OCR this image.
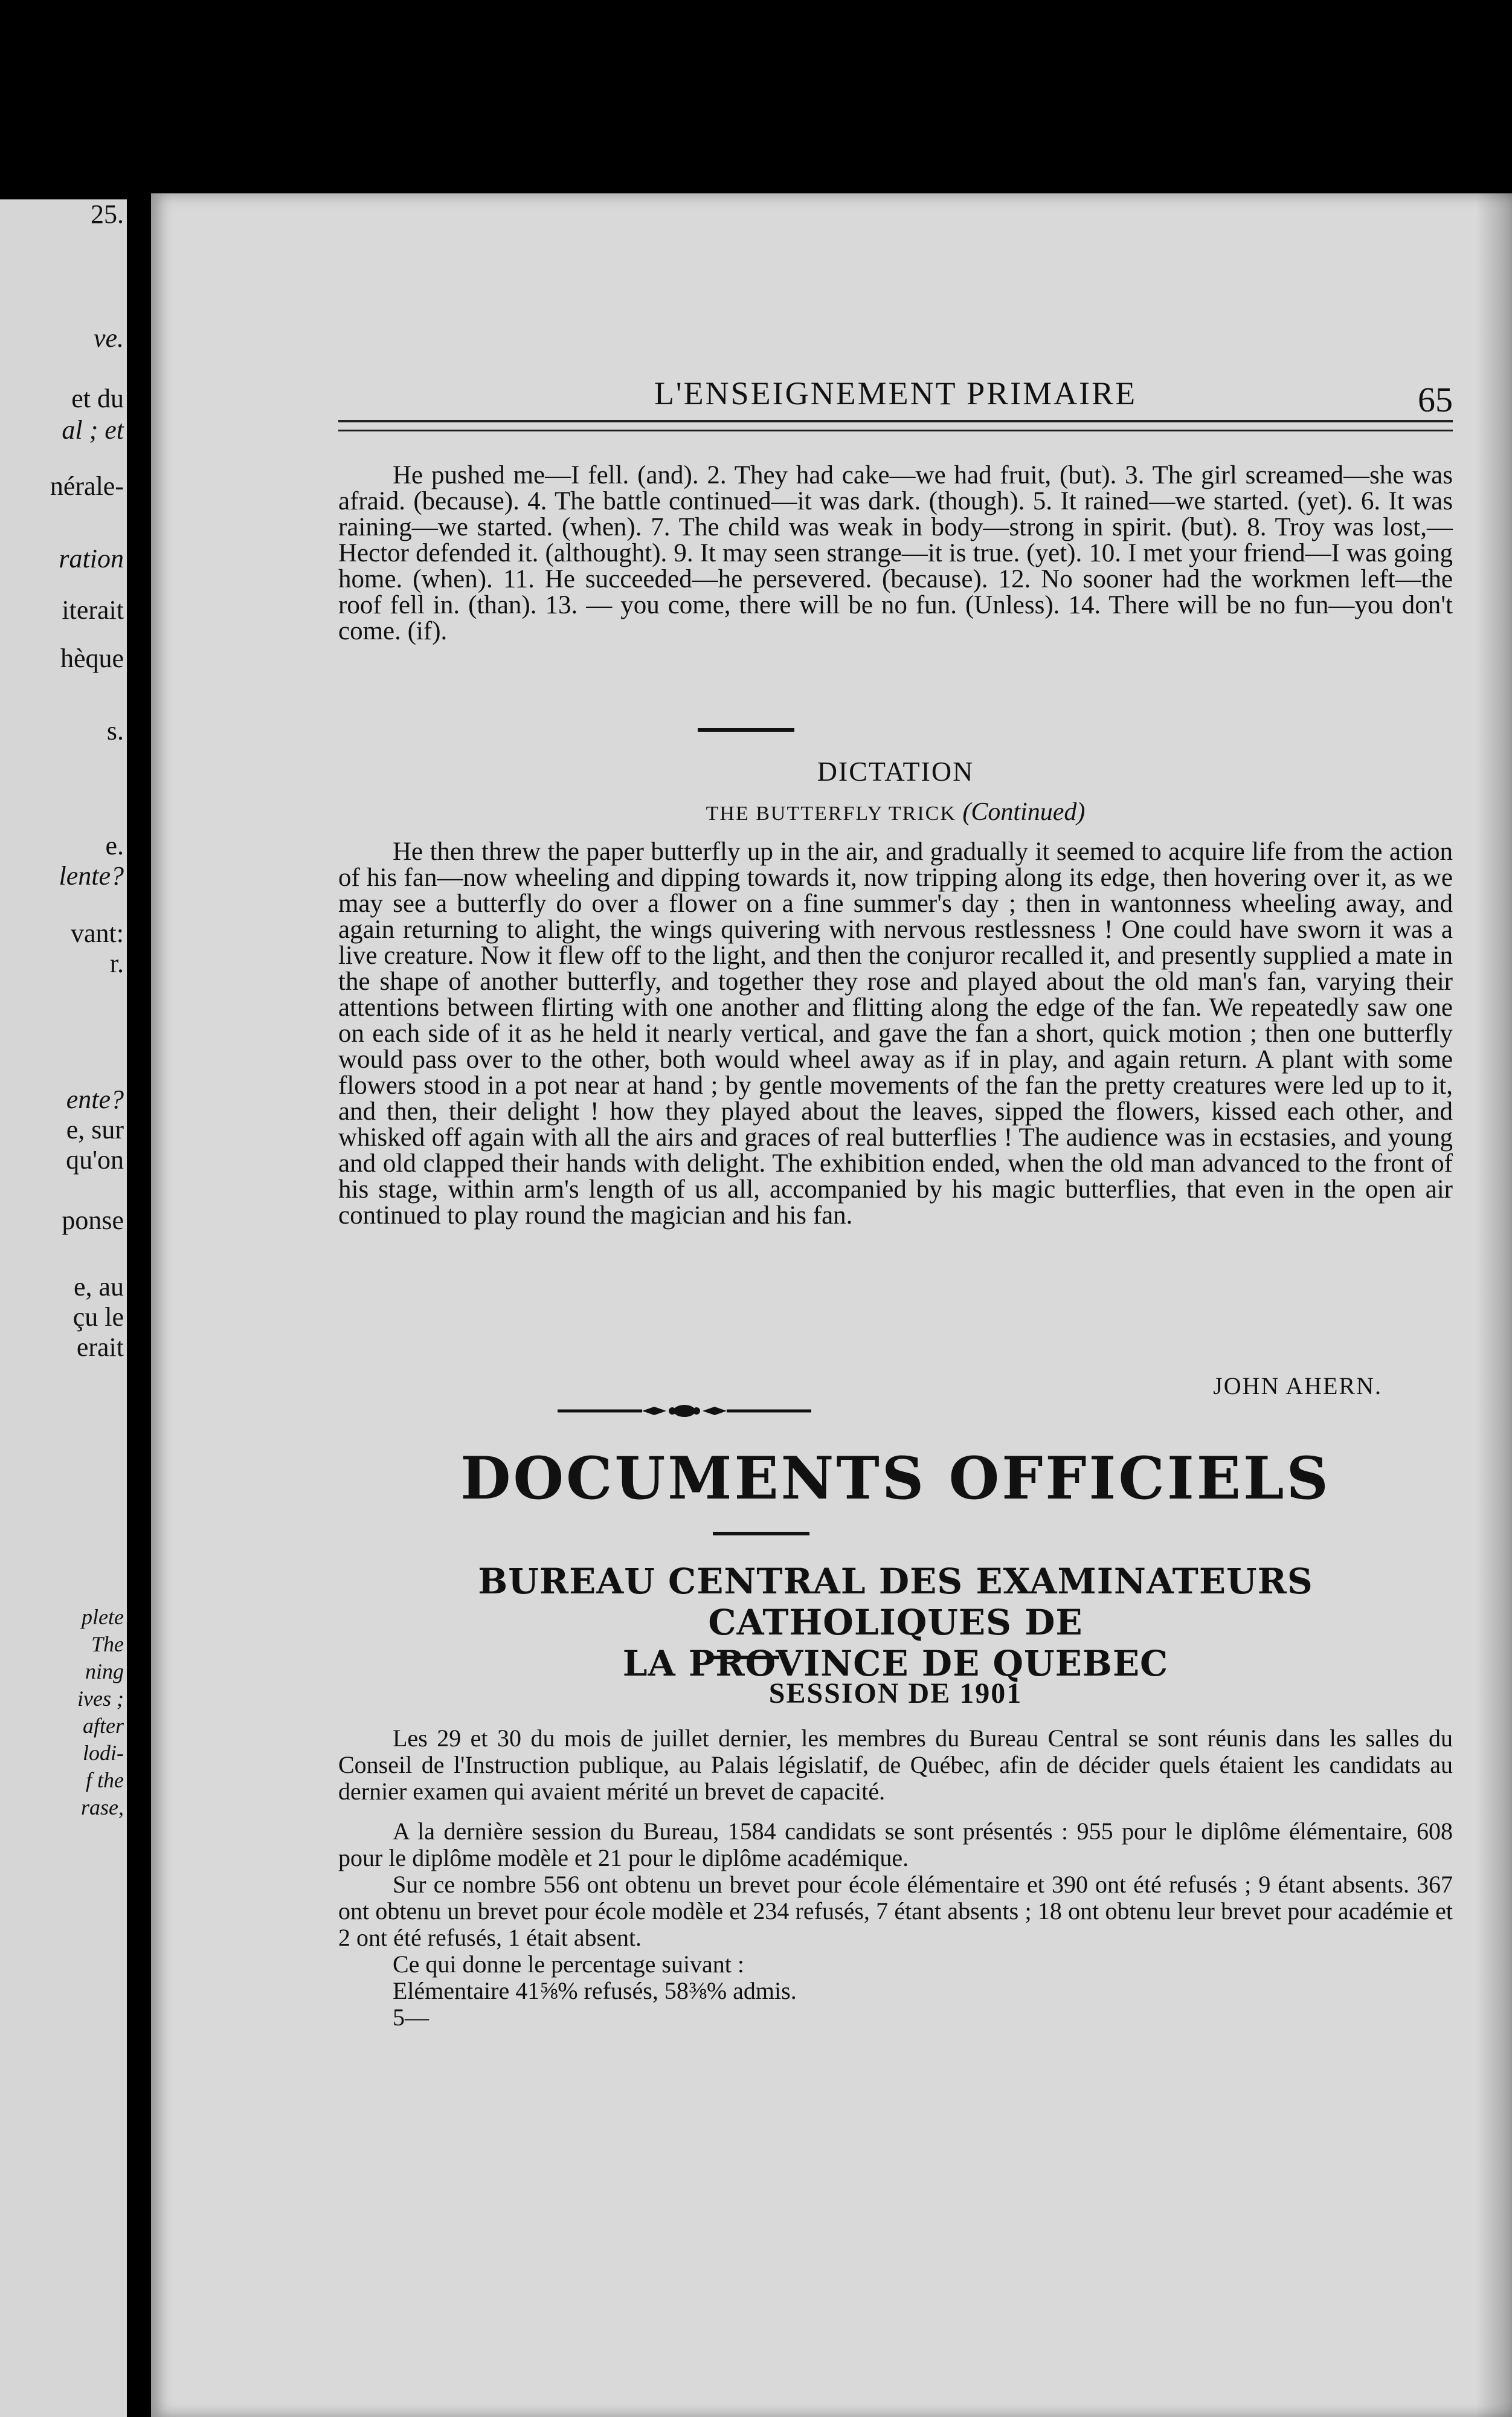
25.
ve.
et du
al ; et
nérale-
ration
iterait
hèque
s.
e.
lente?
vant:
r.
ente?
e, sur
qu'on
ponse
e, au
çu le
erait
plete
The
ning
ives ;
after
lodi-
f the
rase,
L'ENSEIGNEMENT PRIMAIRE	65

He pushed me—I fell. (and). 2. They had cake—we had fruit, (but). 3. The girl screamed—she was afraid. (because). 4. The battle continued—it was dark. (though). 5. It rained—we started. (yet). 6. It was raining—we started. (when). 7. The child was weak in body—strong in spirit. (but). 8. Troy was lost,—Hector defended it. (althought). 9. It may seen strange—it is true. (yet). 10. I met your friend—I was going home. (when). 11. He succeeded—he persevered. (because). 12. No sooner had the workmen left—the roof fell in. (than). 13. — you come, there will be no fun. (Unless). 14. There will be no fun—you don't come. (if).

DICTATION
THE BUTTERFLY TRICK (Continued)

He then threw the paper butterfly up in the air, and gradually it seemed to acquire life from the action of his fan—now wheeling and dipping towards it, now tripping along its edge, then hovering over it, as we may see a butterfly do over a flower on a fine summer's day ; then in wantonness wheeling away, and again returning to alight, the wings quivering with nervous restlessness ! One could have sworn it was a live creature. Now it flew off to the light, and then the conjuror recalled it, and presently supplied a mate in the shape of another butterfly, and together they rose and played about the old man's fan, varying their attentions between flirting with one another and flitting along the edge of the fan. We repeatedly saw one on each side of it as he held it nearly vertical, and gave the fan a short, quick motion ; then one butterfly would pass over to the other, both would wheel away as if in play, and again return. A plant with some flowers stood in a pot near at hand ; by gentle movements of the fan the pretty creatures were led up to it, and then, their delight ! how they played about the leaves, sipped the flowers, kissed each other, and whisked off again with all the airs and graces of real butterflies ! The audience was in ecstasies, and young and old clapped their hands with delight. The exhibition ended, when the old man advanced to the front of his stage, within arm's length of us all, accompanied by his magic butterflies, that even in the open air continued to play round the magician and his fan.

JOHN AHERN.
DOCUMENTS OFFICIELS
BUREAU CENTRAL DES EXAMINATEURS CATHOLIQUES DE
LA PROVINCE DE QUEBEC
SESSION DE 1901

Les 29 et 30 du mois de juillet dernier, les membres du Bureau Central se sont réunis dans les salles du Conseil de l'Instruction publique, au Palais législatif, de Québec, afin de décider quels étaient les candidats au dernier examen qui avaient mérité un brevet de capacité.

A la dernière session du Bureau, 1584 candidats se sont présentés : 955 pour le diplôme élémentaire, 608 pour le diplôme modèle et 21 pour le diplôme académique.

Sur ce nombre 556 ont obtenu un brevet pour école élémentaire et 390 ont été refusés ; 9 étant absents. 367 ont obtenu un brevet pour école modèle et 234 refusés, 7 étant absents ; 18 ont obtenu leur brevet pour académie et 2 ont été refusés, 1 était absent.

Ce qui donne le percentage suivant :

Elémentaire 41⅝% refusés, 58⅜% admis.

5—
